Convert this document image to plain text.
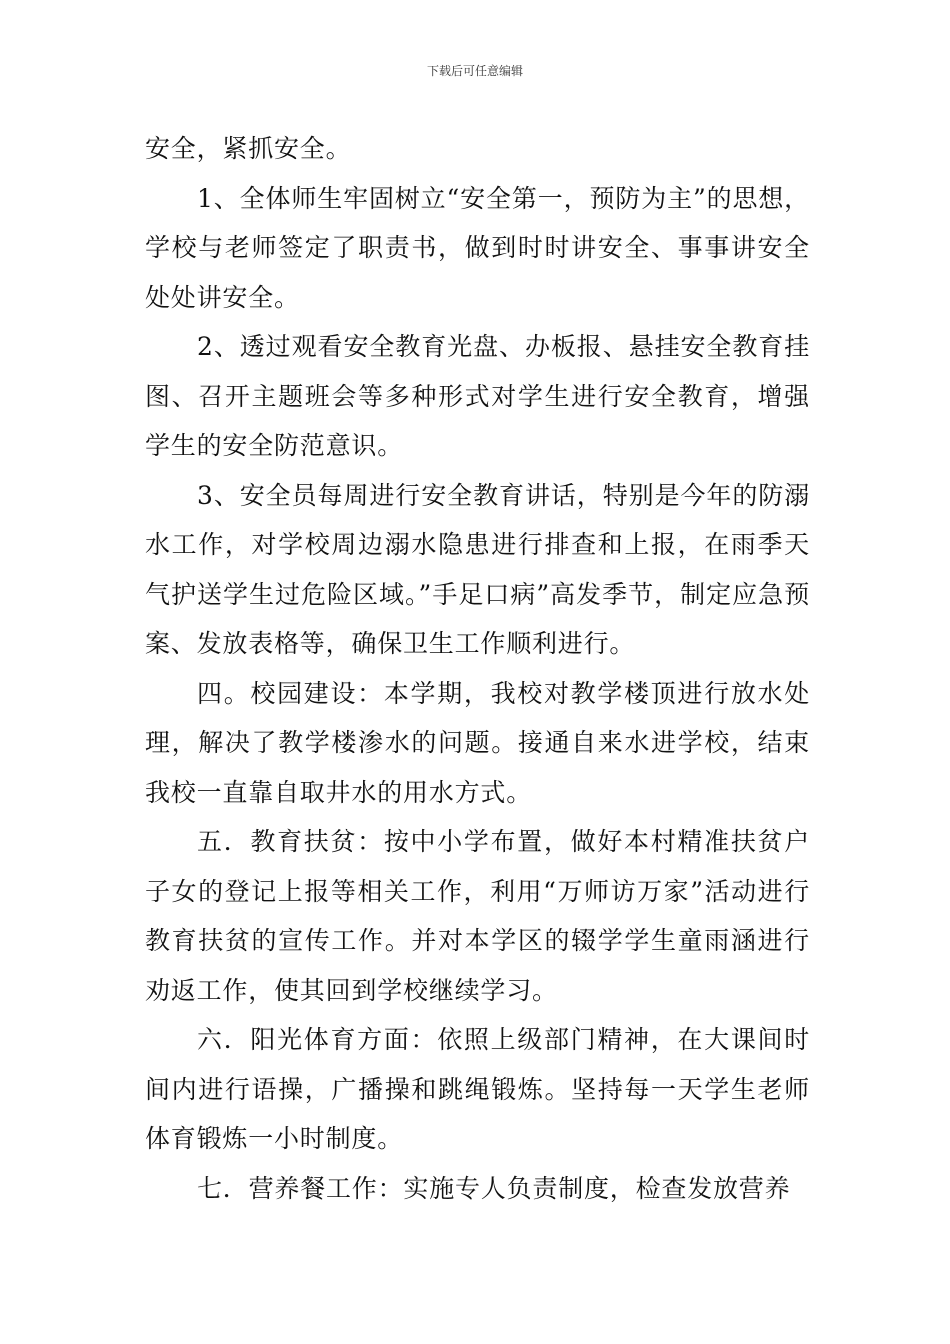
下载后可任意编辑

安全，紧抓安全。

1、全体师生牢固树立“安全第一，预防为主”的思想，学校与老师签定了职责书，做到时时讲安全、事事讲安全处处讲安全。

2、透过观看安全教育光盘、办板报、悬挂安全教育挂图、召开主题班会等多种形式对学生进行安全教育，增强学生的安全防范意识。

3、安全员每周进行安全教育讲话，特别是今年的防溺水工作，对学校周边溺水隐患进行排查和上报，在雨季天气护送学生过危险区域。”手足口病”高发季节，制定应急预案、发放表格等，确保卫生工作顺利进行。

四。校园建设：本学期，我校对教学楼顶进行放水处理，解决了教学楼渗水的问题。接通自来水进学校，结束我校一直靠自取井水的用水方式。

五．教育扶贫：按中小学布置，做好本村精准扶贫户子女的登记上报等相关工作，利用“万师访万家”活动进行教育扶贫的宣传工作。并对本学区的辍学学生童雨涵进行劝返工作，使其回到学校继续学习。

六．阳光体育方面：依照上级部门精神，在大课间时间内进行语操，广播操和跳绳锻炼。坚持每一天学生老师体育锻炼一小时制度。

七．营养餐工作：实施专人负责制度，检查发放营养
